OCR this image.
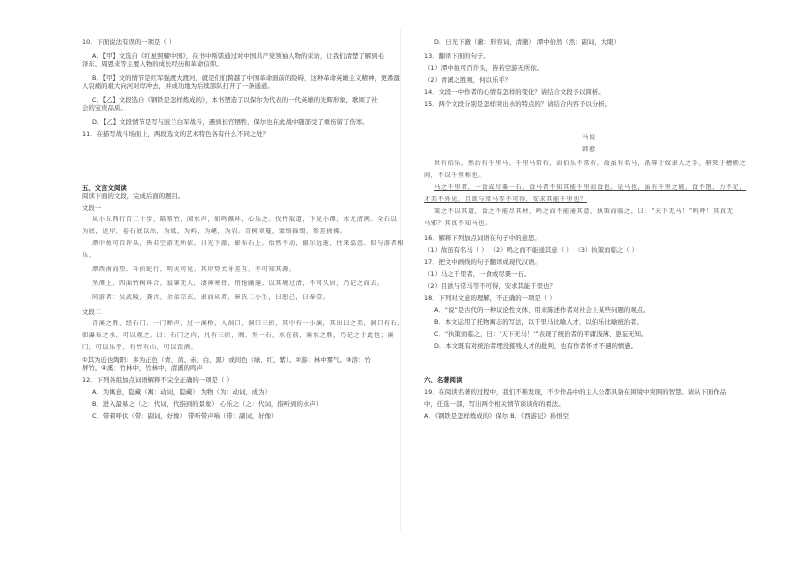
10．下面说法有误的一项是（ ）
A．【甲】文选自《红星照耀中国》，在书中斯诺通过对中国共产党领袖人物的采访，让我们清楚了解到毛
泽东、周恩来等主要人物的成长经历和革命信仰。
B．【甲】文的情节是红军强渡大渡河，就是们们跨越了中国革命面前的险碍，这种革命英雄主义精神，更番激
人哀痛的艰大向河对岸冲去，并成功地为后续部队打开了一条通道。
C．【乙】文段选自《钢铁是怎样炼成的》，本书塑造了以保尔为代表的一代英雄的光辉形象，歌颂了社
会的宝贵品质。
D．【乙】文段情节是写与波兰白军战斗，遇到长官牺牲，保尔也在此战中随部受了重伤留了伤寒。
11．在描写战斗场面上，两段选文的艺术特色各有什么不同之处？
五、文言文阅读
阅读下面的文段，完成后面的题目。
文段一
从小丘西行百二十步，隔篁竹，闻水声，如鸣佩环，心乐之。伐竹取道，下见小潭，水尤清冽。全石以
为底，近岸，卷石底以出，为坻，为屿，为嵁，为岩。青树翠蔓，蒙络摇缀，参差披拂。
潭中鱼可百许头，皆若空游无所依。日光下澈，影布石上。佁然不动，俶尔远逝，往来翕忽。似与游者相
乐。
潭西南而望，斗折蛇行，明灭可见。其岸势犬牙差互，不可知其源。
坐潭上，四面竹树环合，寂寥无人，凄神寒骨，悄怆幽邃。以其境过清，不可久居，乃记之而去。
同游者：吴武陵，龚古，余弟宗玄。隶而从者，崔氏二小生，曰恕己，曰奉壹。
文段二
青溪之胜，经石门、一门蝉声，过一溪桥，入洞口，洞口三折，其中有一小溪，其出曰之美，洞口有石，
如瀑布之水，可以观之，曰：石门之内，凡有三折，阁，坐一石，水在前，溪水之胜，乃记之于此也；溪
门，可以乐乎，有竹有山，可以饮酒。
①其为近也陶阳：多为正色（青、黄、赤、白、黑）或间色（绿、红、紫）。②游：林中雾气。③溶：竹
屏竹。④溪：竹林中，竹林中，清溪的鸣声
12．下列各组加点词语解释不完全正确的一项是（ ）
A．为寓意，隐藏（寓：动词，隐藏） 为物（为：动词，成为）
B．进入最易之（之：代词，代指到的景象） 心乐之（之：代词，指听到的水声）
C．带着呼伏（带：副词，好像） 带听带声响（带：副词，好像）
D．日光下澈（澈：形容词，清澈） 潭中佁然（然：副词，大眼）
13．翻译下面的句子。
（1）潭中鱼可百许头，皆若空游无所依。
（2）青溪之胜观，何以乐乎？
14．文段一中作者的心情有怎样的变化？请结合文段予以简析。
15．两个文段分别是怎样突出水的特点的？请结合内容予以分析。
马说
韩愈
世有伯乐，然后有千里马。千里马常有，而伯乐不常有。故虽有名马，祇辱于奴隶人之手，骈死于槽枥之
间，不以千里称也。
马之千里者，一食或尽粟一石。食马者不知其能千里而食也。是马也，虽有千里之能，食不饱，力不足，
才美不外见，且欲与常马等不可得，安求其能千里也？
策之不以其道，食之不能尽其材，鸣之而不能通其意，执策而临之，曰：“天下无马！”呜呼！其真无
马邪？其真不知马也。
16．解释下列加点词语在句子中的意思。
（1）故虽有名马（ ） （2）鸣之而不能通其意（ ） （3）执策而临之（ ）
17．把文中画线的句子翻译成现代汉语。
（1）马之千里者，一食或尽粟一石。
（2）且欲与常马等不可得，安求其能千里也？
18．下列对文意的理解，不正确的一项是（ ）
A．“说”是古代的一种议论性文体，用来陈述作者对社会上某些问题的观点。
B．本文运用了托物寓志的写法，以千里马比喻人才，以伯乐比喻统治者。
C．“执策而临之，曰：‘天下无马！’”表现了统治者的平庸浅薄、愚妄无知。
D．本文既有对统治者埋没摧残人才的批判，也有作者怀才不遇的愤懑。
六、名著阅读
19．在阅读名著的过程中，我们不难发现，不少作品中的主人公都具备在困境中突围的智慧。请从下面作品
中，任选一部，写出两个相关情节谈谈你的看法。
A．《钢铁是怎样炼成的》保尔 B．《西游记》孙悟空
